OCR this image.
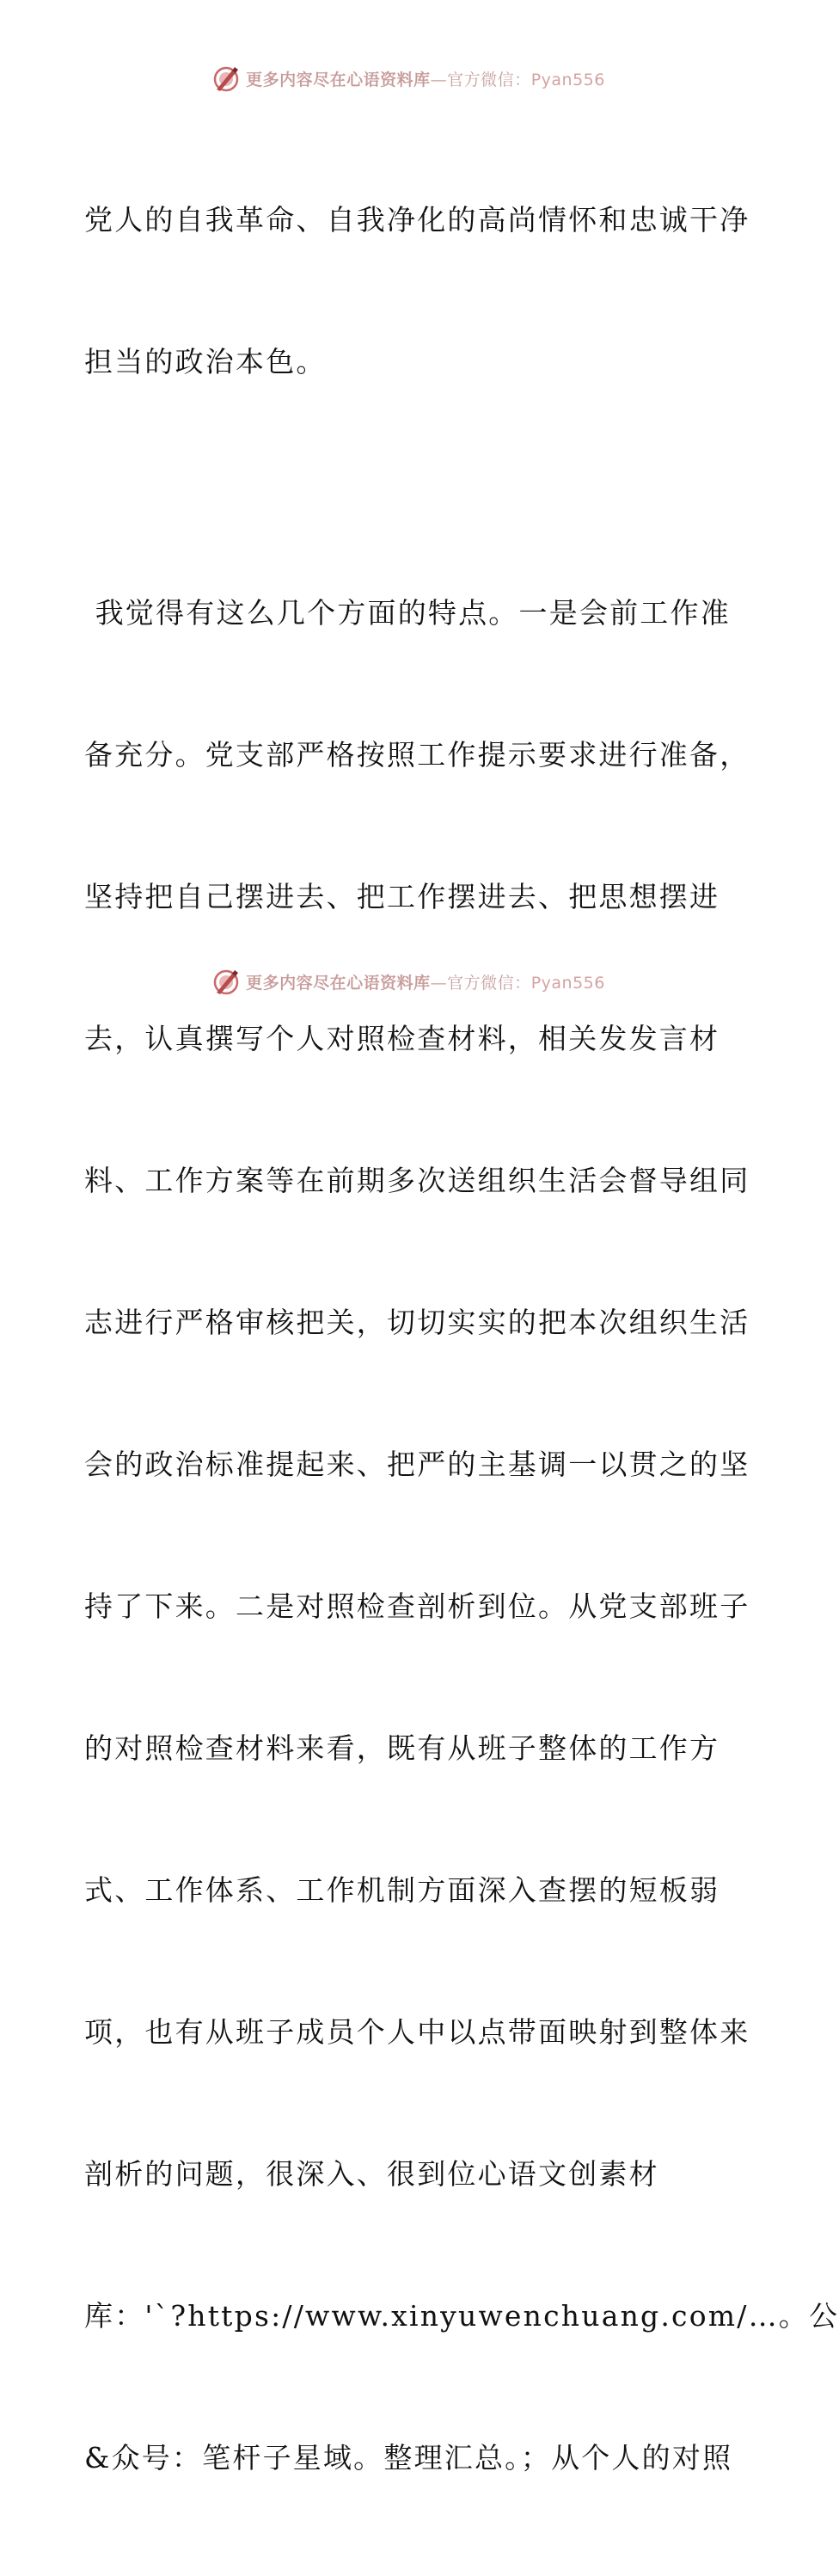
更多内容尽在心语资料库—官方微信：Pyan556

党人的自我革命、自我净化的高尚情怀和忠诚干净

担当的政治本色。

我觉得有这么几个方面的特点。一是会前工作准

备充分。党支部严格按照工作提示要求进行准备，

坚持把自己摆进去、把工作摆进去、把思想摆进

去，认真撰写个人对照检查材料，相关发发言材

料、工作方案等在前期多次送组织生活会督导组同

志进行严格审核把关，切切实实的把本次组织生活

会的政治标准提起来、把严的主基调一以贯之的坚

持了下来。二是对照检查剖析到位。从党支部班子

的对照检查材料来看，既有从班子整体的工作方

式、工作体系、工作机制方面深入查摆的短板弱

项，也有从班子成员个人中以点带面映射到整体来

剖析的问题，很深入、很到位心语文创素材

库：'`?https://www.xinyuwenchuang.com/…。公

&众号：笔杆子星域。整理汇总。；从个人的对照

更多内容尽在心语资料库—官方微信：Pyan556
